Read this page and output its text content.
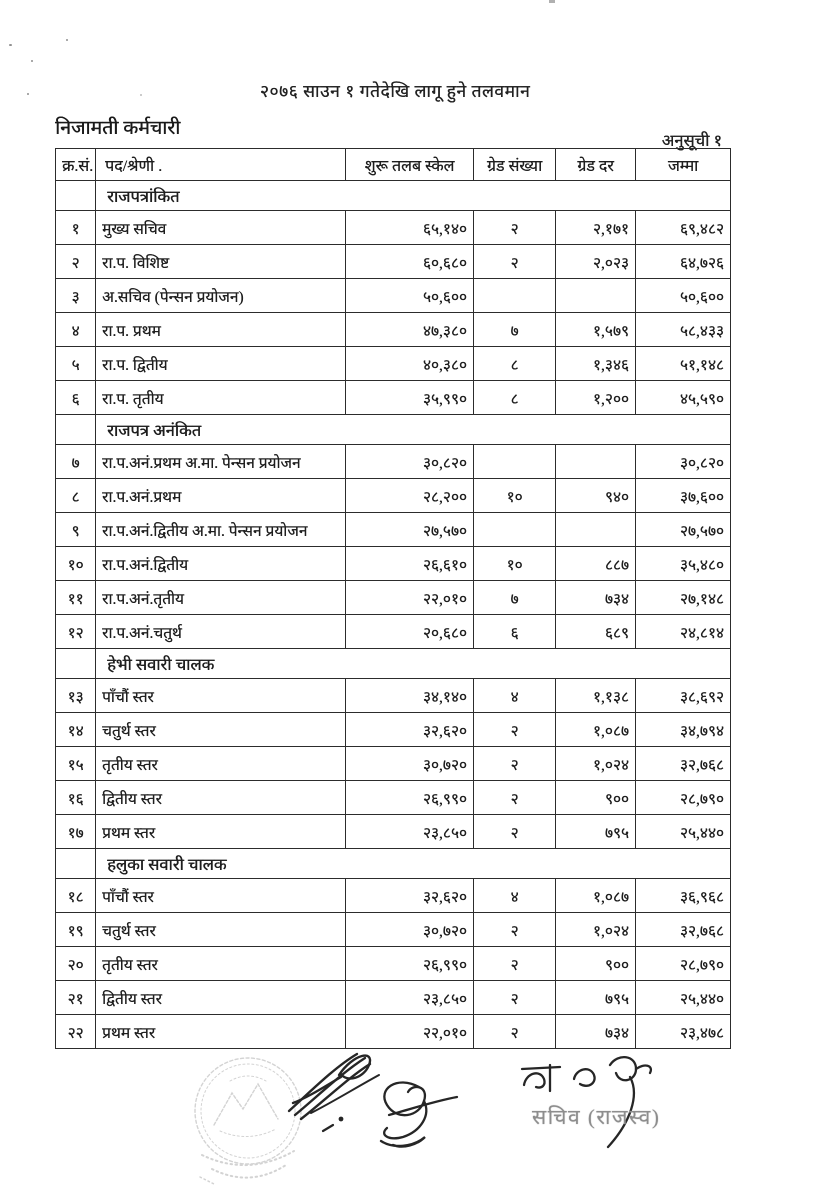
२०७६ साउन १ गतेदेखि लागू हुने तलवमान
निजामती कर्मचारी
अनुसूची १
क्र.सं.	पद/श्रेणी .	शुरू तलब स्केल	ग्रेड संख्या	ग्रेड दर	जम्मा
	राजपत्रांकित				
१	मुख्य सचिव	६५,१४०	२	२,१७१	६९,४८२
२	रा.प. विशिष्ट	६०,६८०	२	२,०२३	६४,७२६
३	अ.सचिव (पेन्सन प्रयोजन)	५०,६००			५०,६००
४	रा.प. प्रथम	४७,३८०	७	१,५७९	५८,४३३
५	रा.प. द्वितीय	४०,३८०	८	१,३४६	५१,१४८
६	रा.प. तृतीय	३५,९९०	८	१,२००	४५,५९०
	राजपत्र अनंकित				
७	रा.प.अनं.प्रथम अ.मा. पेन्सन प्रयोजन	३०,८२०			३०,८२०
८	रा.प.अनं.प्रथम	२८,२००	१०	९४०	३७,६००
९	रा.प.अनं.द्वितीय अ.मा. पेन्सन प्रयोजन	२७,५७०			२७,५७०
१०	रा.प.अनं.द्वितीय	२६,६१०	१०	८८७	३५,४८०
११	रा.प.अनं.तृतीय	२२,०१०	७	७३४	२७,१४८
१२	रा.प.अनं.चतुर्थ	२०,६८०	६	६८९	२४,८१४
	हेभी सवारी चालक				
१३	पाँचौं स्तर	३४,१४०	४	१,१३८	३८,६९२
१४	चतुर्थ स्तर	३२,६२०	२	१,०८७	३४,७९४
१५	तृतीय स्तर	३०,७२०	२	१,०२४	३२,७६८
१६	द्वितीय स्तर	२६,९९०	२	९००	२८,७९०
१७	प्रथम स्तर	२३,८५०	२	७९५	२५,४४०
	हलुका सवारी चालक				
१८	पाँचौं स्तर	३२,६२०	४	१,०८७	३६,९६८
१९	चतुर्थ स्तर	३०,७२०	२	१,०२४	३२,७६८
२०	तृतीय स्तर	२६,९९०	२	९००	२८,७९०
२१	द्वितीय स्तर	२३,८५०	२	७९५	२५,४४०
२२	प्रथम स्तर	२२,०१०	२	७३४	२३,४७८
सचिव (राजस्व)
